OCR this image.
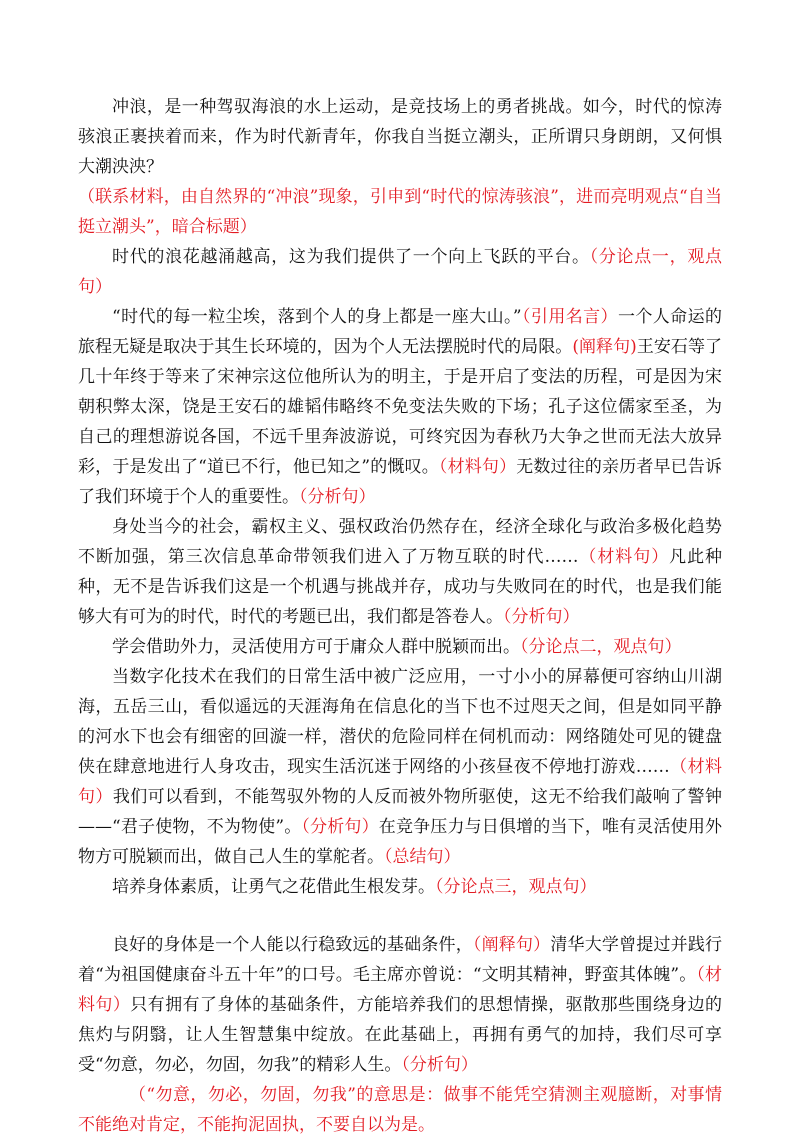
冲浪，是一种驾驭海浪的水上运动，是竞技场上的勇者挑战。如今，时代的惊涛骇浪正裹挟着而来，作为时代新青年，你我自当挺立潮头，正所谓只身朗朗，又何惧大潮泱泱？

（联系材料，由自然界的“冲浪”现象，引申到“时代的惊涛骇浪”，进而亮明观点“自当挺立潮头”，暗合标题）

时代的浪花越涌越高，这为我们提供了一个向上飞跃的平台。（分论点一，观点句）

“时代的每一粒尘埃，落到个人的身上都是一座大山。”（引用名言）一个人命运的旅程无疑是取决于其生长环境的，因为个人无法摆脱时代的局限。(阐释句)王安石等了几十年终于等来了宋神宗这位他所认为的明主，于是开启了变法的历程，可是因为宋朝积弊太深，饶是王安石的雄韬伟略终不免变法失败的下场；孔子这位儒家至圣，为自己的理想游说各国，不远千里奔波游说，可终究因为春秋乃大争之世而无法大放异彩，于是发出了“道已不行，他已知之”的慨叹。（材料句）无数过往的亲历者早已告诉了我们环境于个人的重要性。（分析句）

身处当今的社会，霸权主义、强权政治仍然存在，经济全球化与政治多极化趋势不断加强，第三次信息革命带领我们进入了万物互联的时代……（材料句）凡此种种，无不是告诉我们这是一个机遇与挑战并存，成功与失败同在的时代，也是我们能够大有可为的时代，时代的考题已出，我们都是答卷人。（分析句）

学会借助外力，灵活使用方可于庸众人群中脱颖而出。（分论点二，观点句）

当数字化技术在我们的日常生活中被广泛应用，一寸小小的屏幕便可容纳山川湖海，五岳三山，看似遥远的天涯海角在信息化的当下也不过咫天之间，但是如同平静的河水下也会有细密的回漩一样，潜伏的危险同样在伺机而动：网络随处可见的键盘侠在肆意地进行人身攻击，现实生活沉迷于网络的小孩昼夜不停地打游戏……（材料句）我们可以看到，不能驾驭外物的人反而被外物所驱使，这无不给我们敲响了警钟——“君子使物，不为物使”。（分析句）在竞争压力与日俱增的当下，唯有灵活使用外物方可脱颖而出，做自己人生的掌舵者。（总结句）

培养身体素质，让勇气之花借此生根发芽。（分论点三，观点句）

良好的身体是一个人能以行稳致远的基础条件，（阐释句）清华大学曾提过并践行着“为祖国健康奋斗五十年”的口号。毛主席亦曾说：“文明其精神，野蛮其体魄”。（材料句）只有拥有了身体的基础条件，方能培养我们的思想情操，驱散那些围绕身边的焦灼与阴翳，让人生智慧集中绽放。在此基础上，再拥有勇气的加持，我们尽可享受“勿意，勿必，勿固，勿我”的精彩人生。（分析句）

（“勿意，勿必，勿固，勿我”的意思是：做事不能凭空猜测主观臆断，对事情不能绝对肯定，不能拘泥固执，不要自以为是。
